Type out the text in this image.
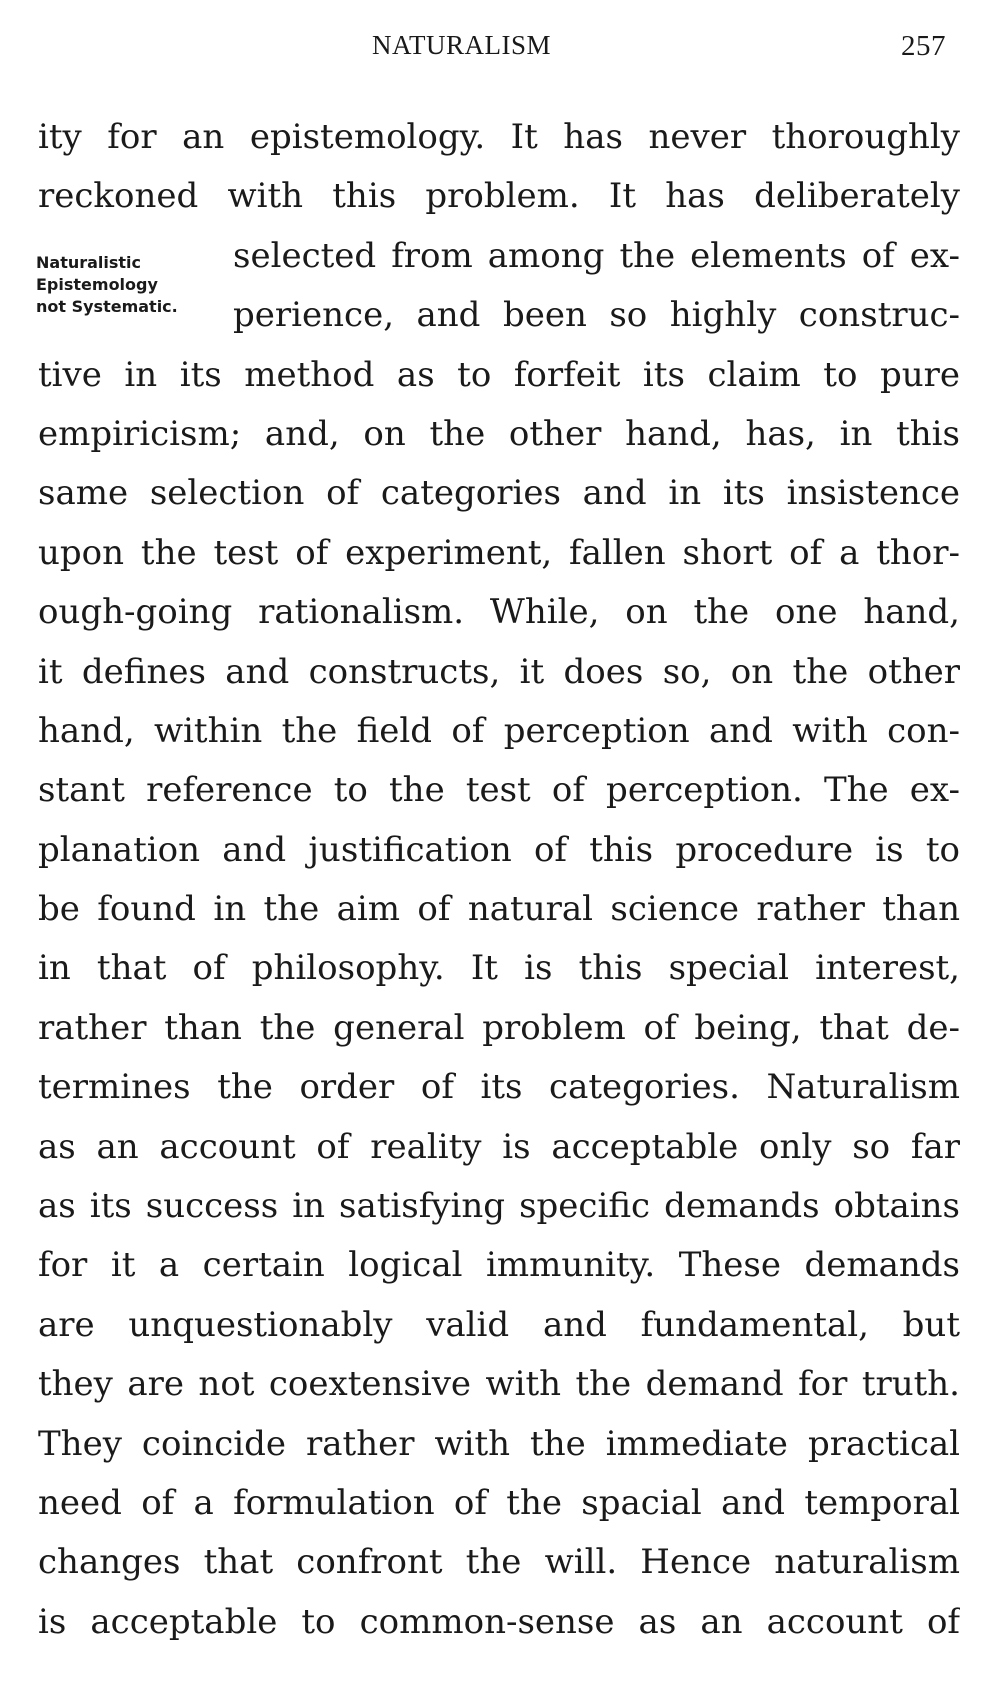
NATURALISM	257
Naturalistic
Epistemology
not Systematic.
ity for an epistemology. It has never thoroughly
reckoned with this problem. It has deliberately
selected from among the elements of ex-
perience, and been so highly construc-
tive in its method as to forfeit its claim to pure
empiricism; and, on the other hand, has, in this
same selection of categories and in its insistence
upon the test of experiment, fallen short of a thor-
ough-going rationalism. While, on the one hand,
it defines and constructs, it does so, on the other
hand, within the field of perception and with con-
stant reference to the test of perception. The ex-
planation and justification of this procedure is to
be found in the aim of natural science rather than
in that of philosophy. It is this special interest,
rather than the general problem of being, that de-
termines the order of its categories. Naturalism
as an account of reality is acceptable only so far
as its success in satisfying specific demands obtains
for it a certain logical immunity. These demands
are unquestionably valid and fundamental, but
they are not coextensive with the demand for truth.
They coincide rather with the immediate practical
need of a formulation of the spacial and temporal
changes that confront the will. Hence naturalism
is acceptable to common-sense as an account of
